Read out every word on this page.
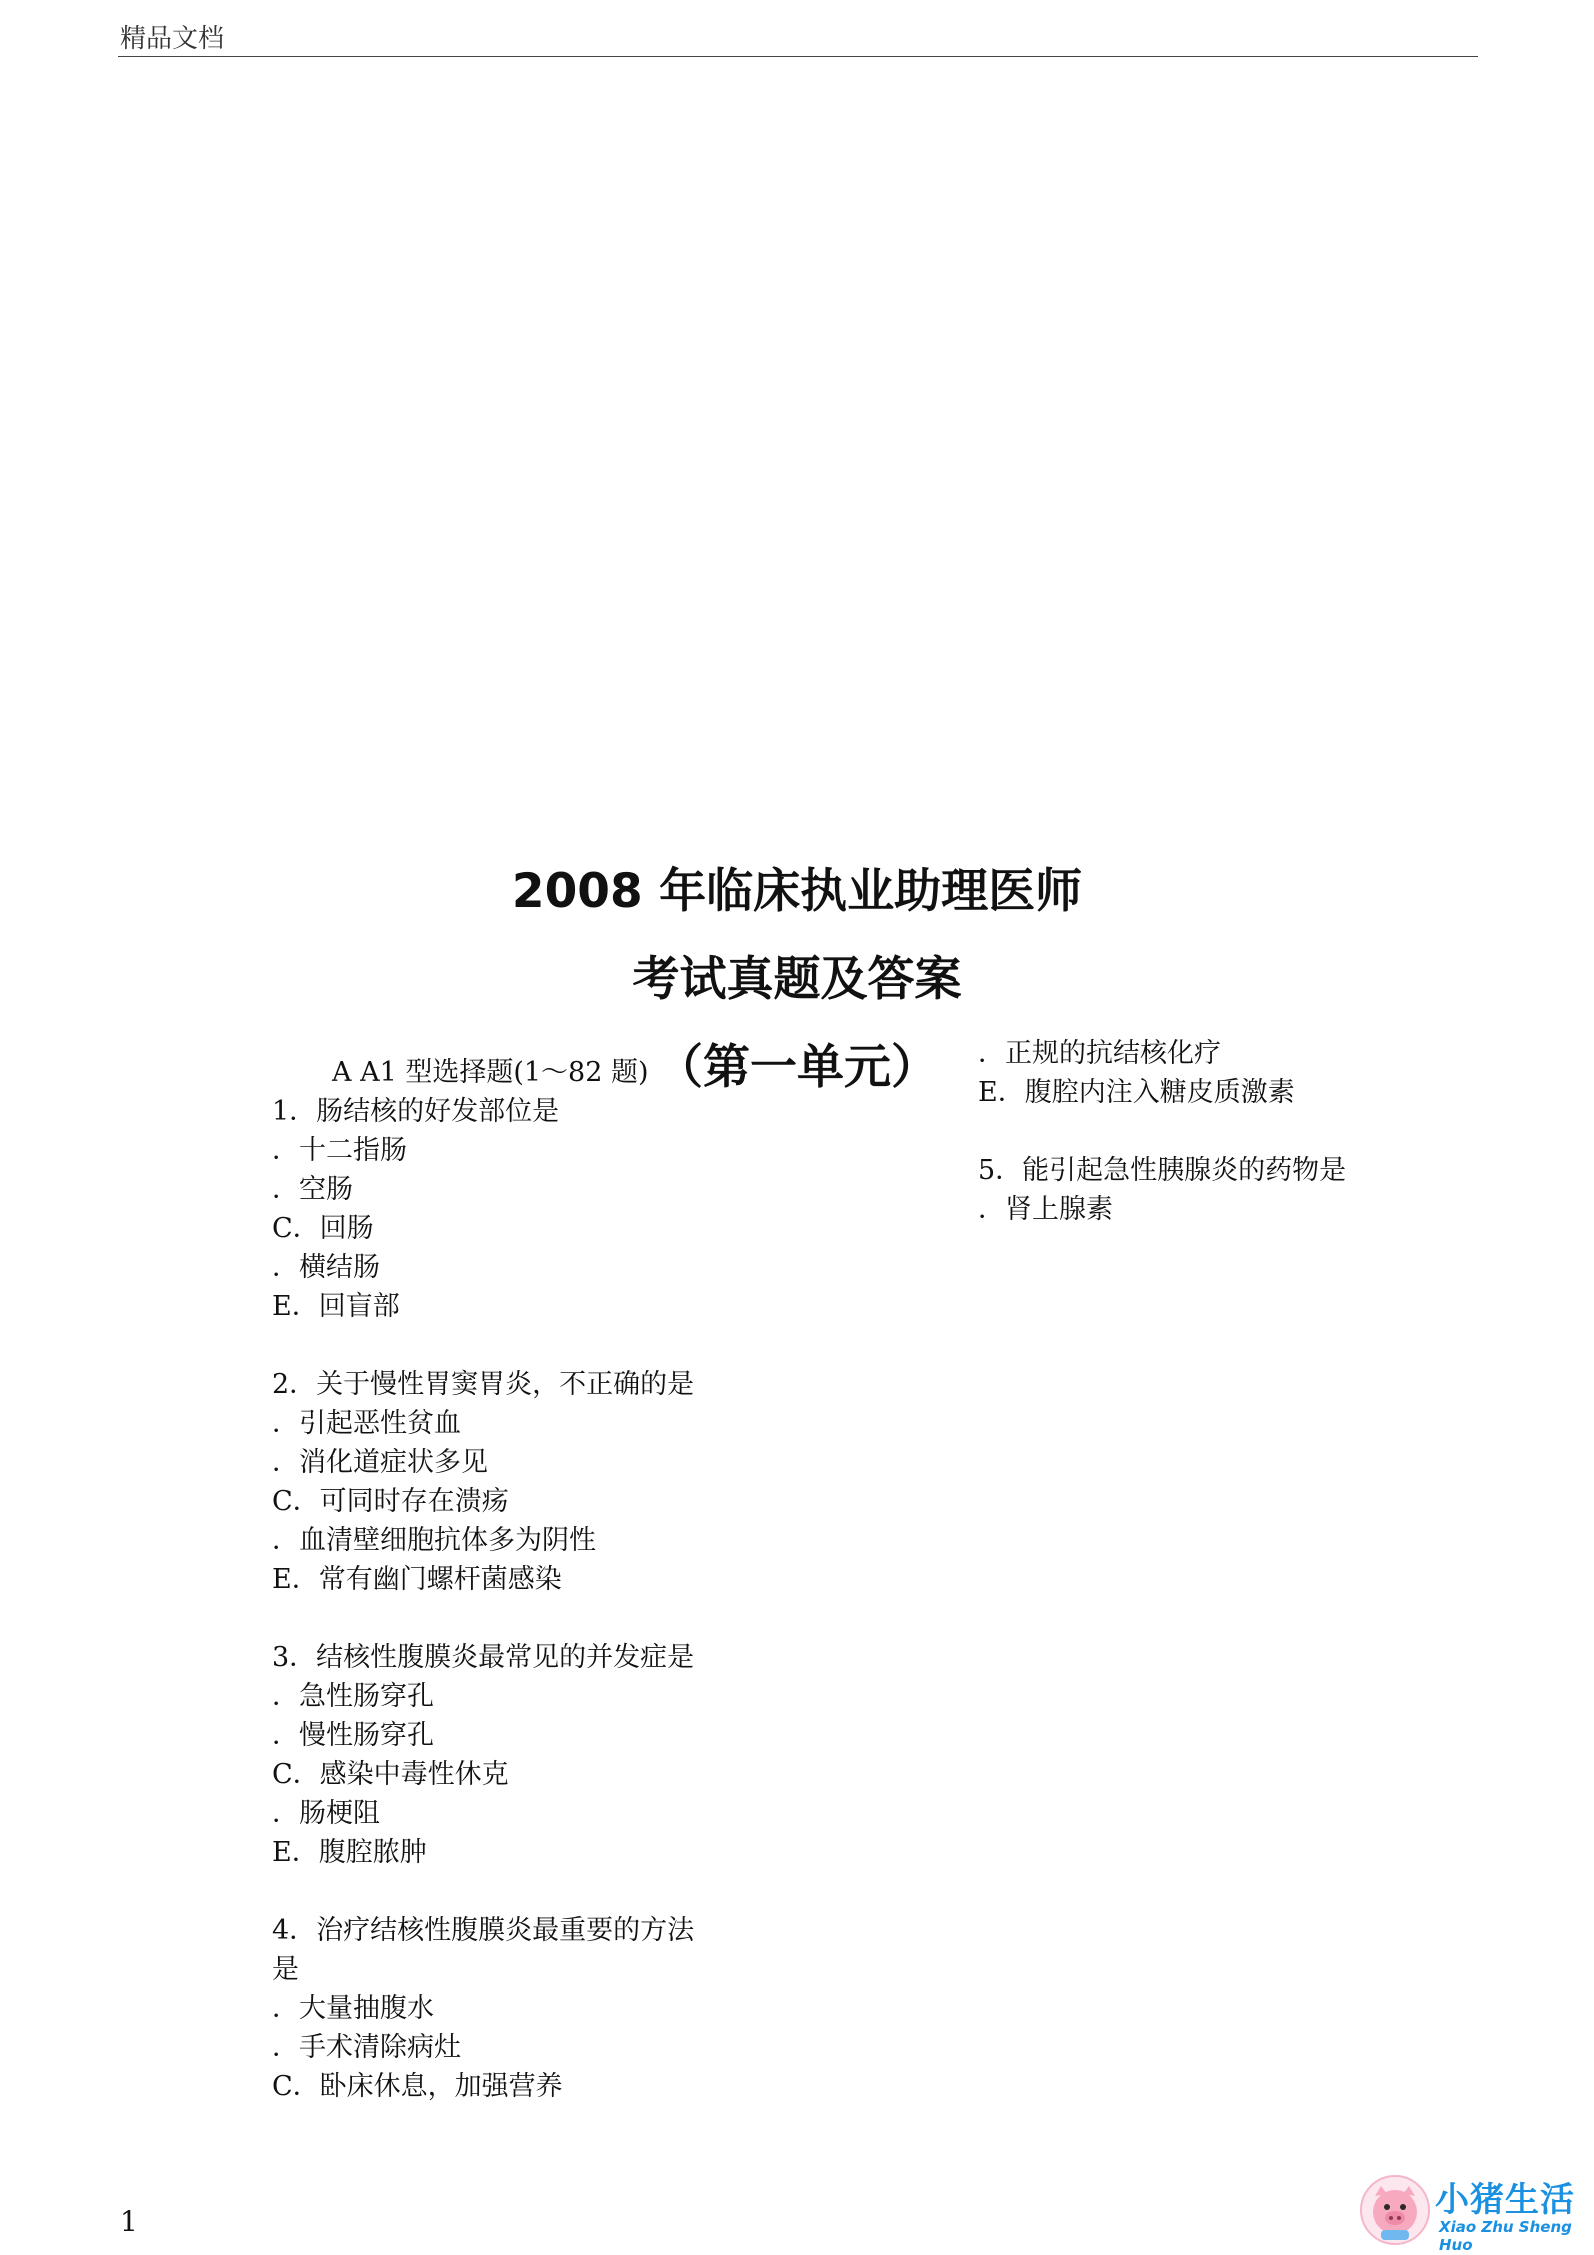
精品文档
2008 年临床执业助理医师
考试真题及答案
（第一单元）
A A1 型选择题(1～82 题)
1．肠结核的好发部位是
．十二指肠
．空肠
C．回肠
．横结肠
E．回盲部
2．关于慢性胃窦胃炎，不正确的是
．引起恶性贫血
．消化道症状多见
C．可同时存在溃疡
．血清壁细胞抗体多为阴性
E．常有幽门螺杆菌感染
3．结核性腹膜炎最常见的并发症是
．急性肠穿孔
．慢性肠穿孔
C．感染中毒性休克
．肠梗阻
E．腹腔脓肿
4．治疗结核性腹膜炎最重要的方法
是
．大量抽腹水
．手术清除病灶
C．卧床休息，加强营养
．正规的抗结核化疗
E．腹腔内注入糖皮质激素
5．能引起急性胰腺炎的药物是
．肾上腺素
1
小猪生活
Xiao Zhu Sheng Huo
